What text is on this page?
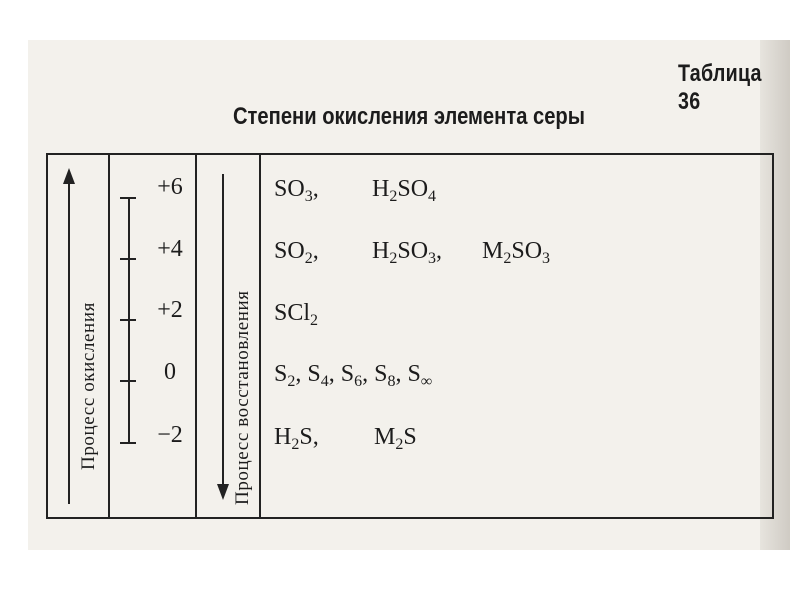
Таблица 36
Степени окисления элемента серы
Процесс окисления	Процесс восстановления
+6
+4
+2
0
−2
$SO_3$, $H_2SO_4$
$SO_2$, $H_2SO_3$, $M_2SO_3$
SCl$_2$
$S_2$, $S_4$, $S_6$, $S_8$, $S_\infty$
$H_2S$, $M_2S$
